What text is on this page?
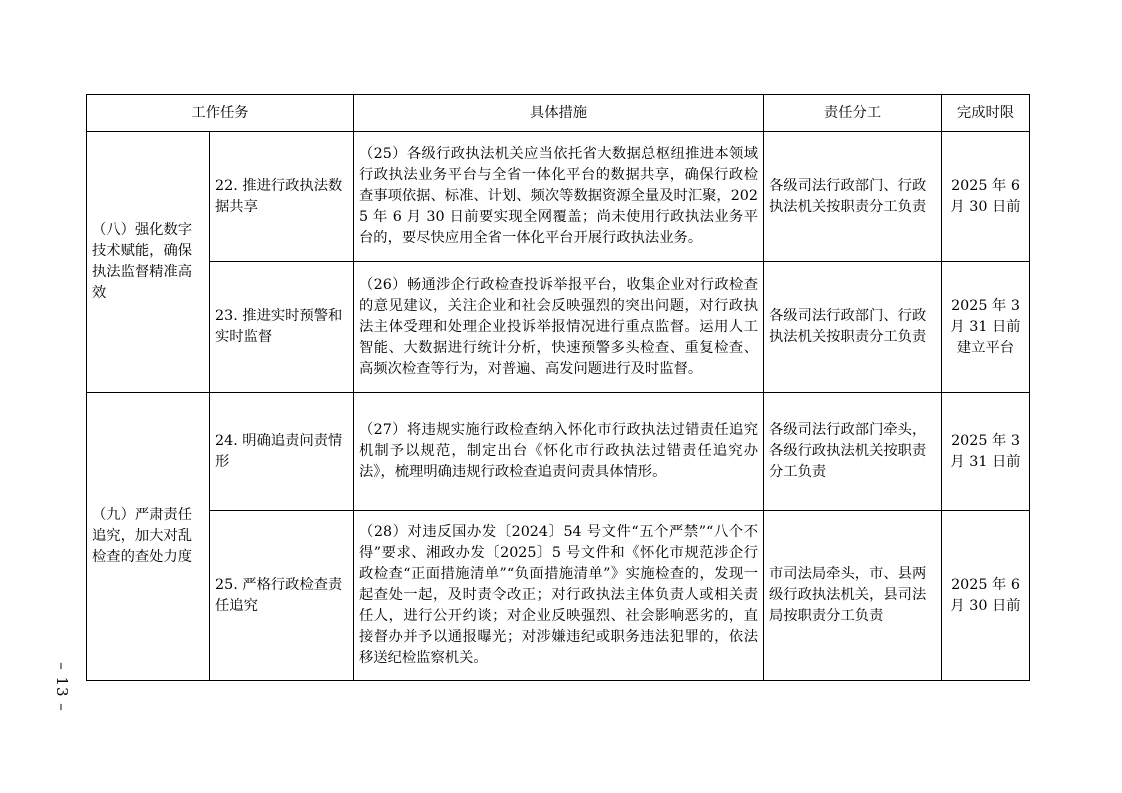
工作任务		具体措施	责任分工	完成时限
（八）强化数字技术赋能，确保执法监督精准高效	22. 推进行政执法数据共享	（25）各级行政执法机关应当依托省大数据总枢纽推进本领域行政执法业务平台与全省一体化平台的数据共享，确保行政检查事项依据、标准、计划、频次等数据资源全量及时汇聚，2025 年 6 月 30 日前要实现全网覆盖；尚未使用行政执法业务平台的，要尽快应用全省一体化平台开展行政执法业务。	各级司法行政部门、行政执法机关按职责分工负责	2025 年 6 月 30 日前
	23. 推进实时预警和实时监督	（26）畅通涉企行政检查投诉举报平台，收集企业对行政检查的意见建议，关注企业和社会反映强烈的突出问题，对行政执法主体受理和处理企业投诉举报情况进行重点监督。运用人工智能、大数据进行统计分析，快速预警多头检查、重复检查、高频次检查等行为，对普遍、高发问题进行及时监督。	各级司法行政部门、行政执法机关按职责分工负责	2025 年 3 月 31 日前建立平台
（九）严肃责任追究，加大对乱检查的查处力度	24. 明确追责问责情形	（27）将违规实施行政检查纳入怀化市行政执法过错责任追究机制予以规范，制定出台《怀化市行政执法过错责任追究办法》，梳理明确违规行政检查追责问责具体情形。	各级司法行政部门牵头，各级行政执法机关按职责分工负责	2025 年 3 月 31 日前
	25. 严格行政检查责任追究	（28）对违反国办发〔2024〕54 号文件“五个严禁”“八个不得”要求、湘政办发〔2025〕5 号文件和《怀化市规范涉企行政检查“正面措施清单”“负面措施清单”》实施检查的，发现一起查处一起，及时责令改正；对行政执法主体负责人或相关责任人，进行公开约谈；对企业反映强烈、社会影响恶劣的，直接督办并予以通报曝光；对涉嫌违纪或职务违法犯罪的，依法移送纪检监察机关。	市司法局牵头，市、县两级行政执法机关，县司法局按职责分工负责	2025 年 6 月 30 日前
– 13 –
